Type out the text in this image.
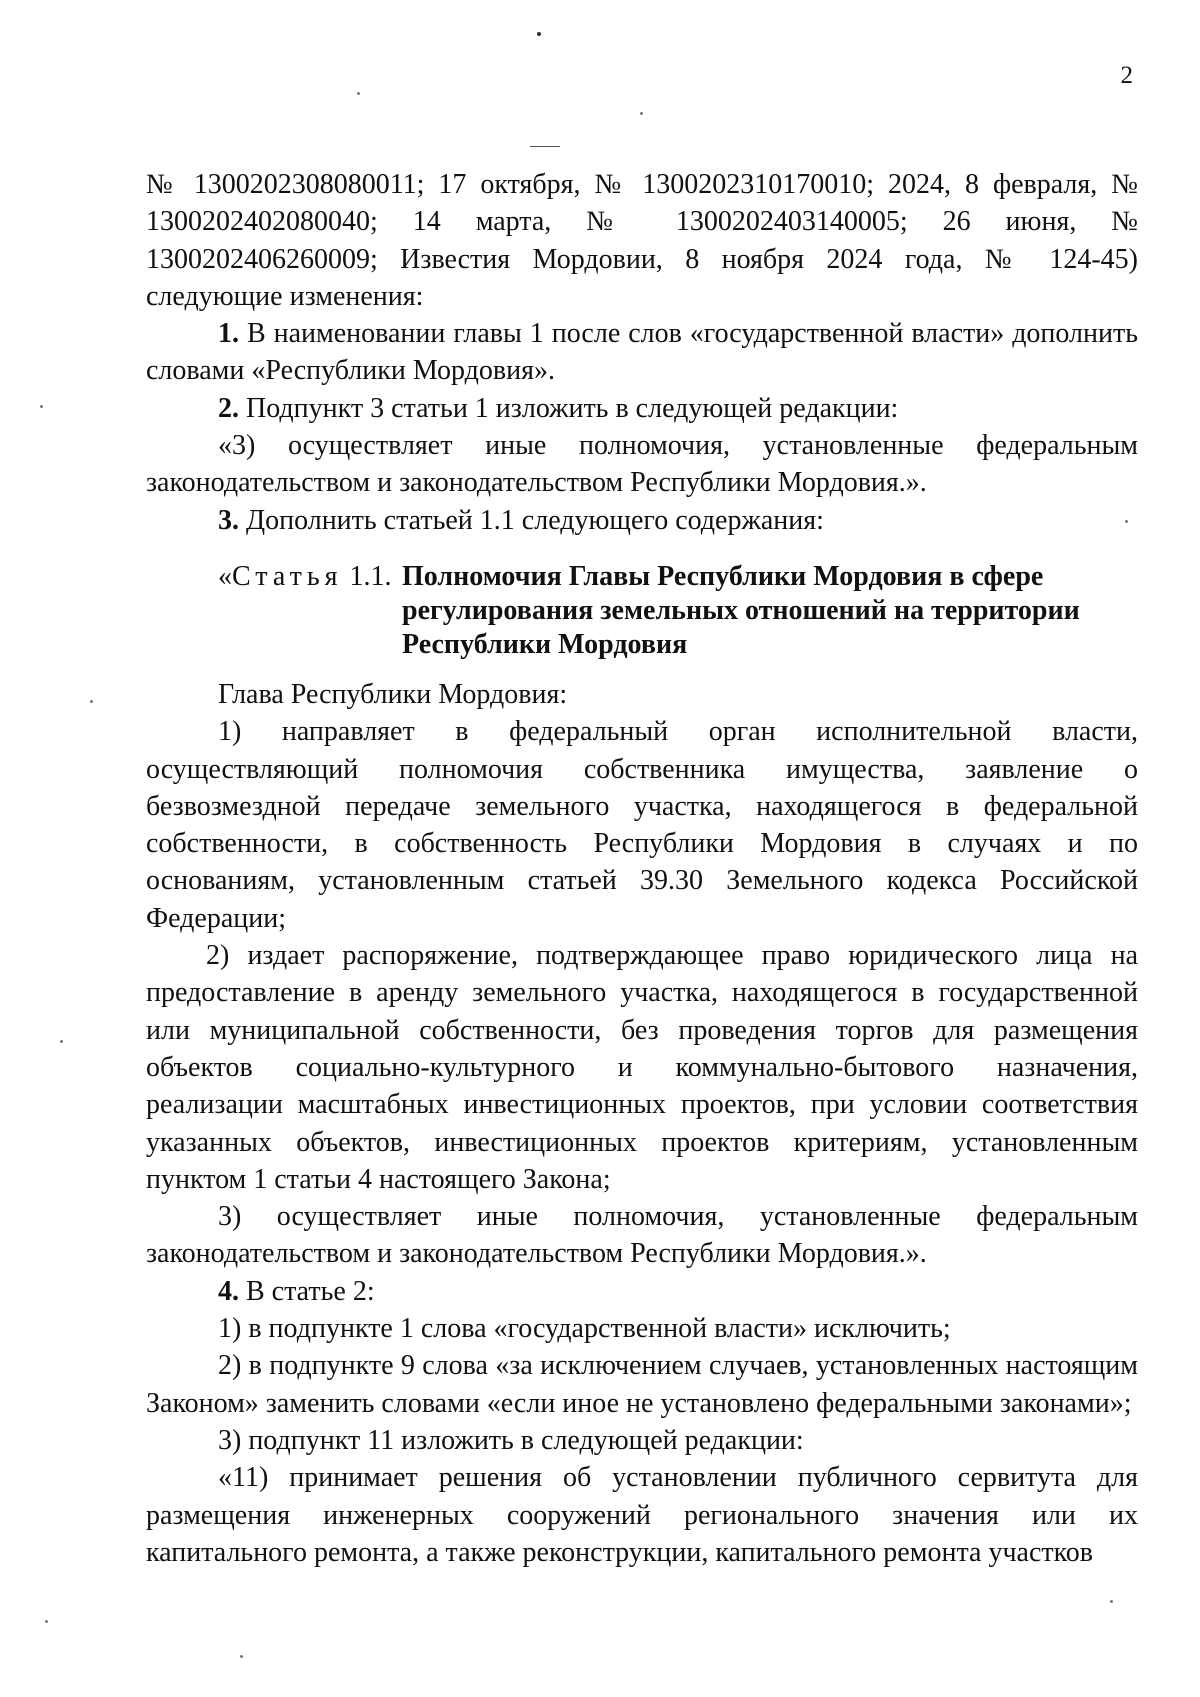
2

№ 1300202308080011; 17 октября, № 1300202310170010; 2024, 8 февраля, № 1300202402080040; 14 марта, № 1300202403140005; 26 июня, № 1300202406260009; Известия Мордовии, 8 ноября 2024 года, № 124-45) следующие изменения:

1. В наименовании главы 1 после слов «государственной власти» дополнить словами «Республики Мордовия».

2. Подпункт 3 статьи 1 изложить в следующей редакции:

«3) осуществляет иные полномочия, установленные федеральным законодательством и законодательством Республики Мордовия.».

3. Дополнить статьей 1.1 следующего содержания:

«Статья 1.1. Полномочия Главы Республики Мордовия в сфере регулирования земельных отношений на территории Республики Мордовия

Глава Республики Мордовия:

1) направляет в федеральный орган исполнительной власти, осуществляющий полномочия собственника имущества, заявление о безвозмездной передаче земельного участка, находящегося в федеральной собственности, в собственность Республики Мордовия в случаях и по основаниям, установленным статьей 39.30 Земельного кодекса Российской Федерации;

2) издает распоряжение, подтверждающее право юридического лица на предоставление в аренду земельного участка, находящегося в государственной или муниципальной собственности, без проведения торгов для размещения объектов социально-культурного и коммунально-бытового назначения, реализации масштабных инвестиционных проектов, при условии соответствия указанных объектов, инвестиционных проектов критериям, установленным пунктом 1 статьи 4 настоящего Закона;

3) осуществляет иные полномочия, установленные федеральным законодательством и законодательством Республики Мордовия.».

4. В статье 2:

1) в подпункте 1 слова «государственной власти» исключить;

2) в подпункте 9 слова «за исключением случаев, установленных настоящим Законом» заменить словами «если иное не установлено федеральными законами»;

3) подпункт 11 изложить в следующей редакции:

«11) принимает решения об установлении публичного сервитута для размещения инженерных сооружений регионального значения или их капитального ремонта, а также реконструкции, капитального ремонта участков
